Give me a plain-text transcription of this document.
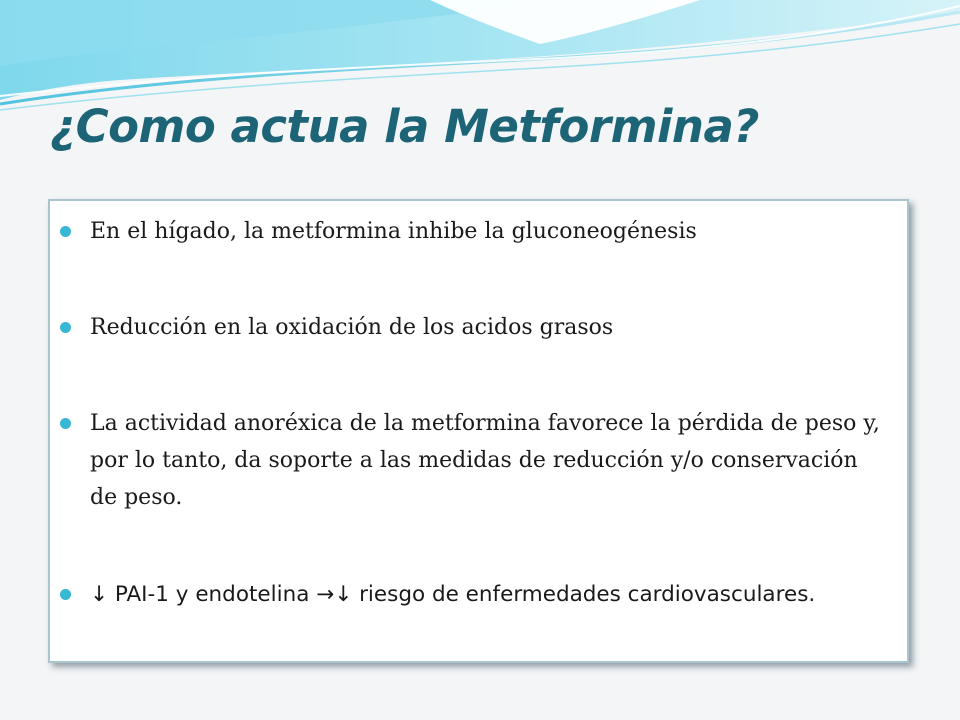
¿Como actua la Metformina?
En el hígado, la metformina inhibe la gluconeogénesis
Reducción en la oxidación de los acidos grasos
La actividad anoréxica de la metformina favorece la pérdida de peso y, por lo tanto, da soporte a las medidas de reducción y/o conservación de peso.
↓ PAI-1 y endotelina →↓ riesgo de enfermedades cardiovasculares.
